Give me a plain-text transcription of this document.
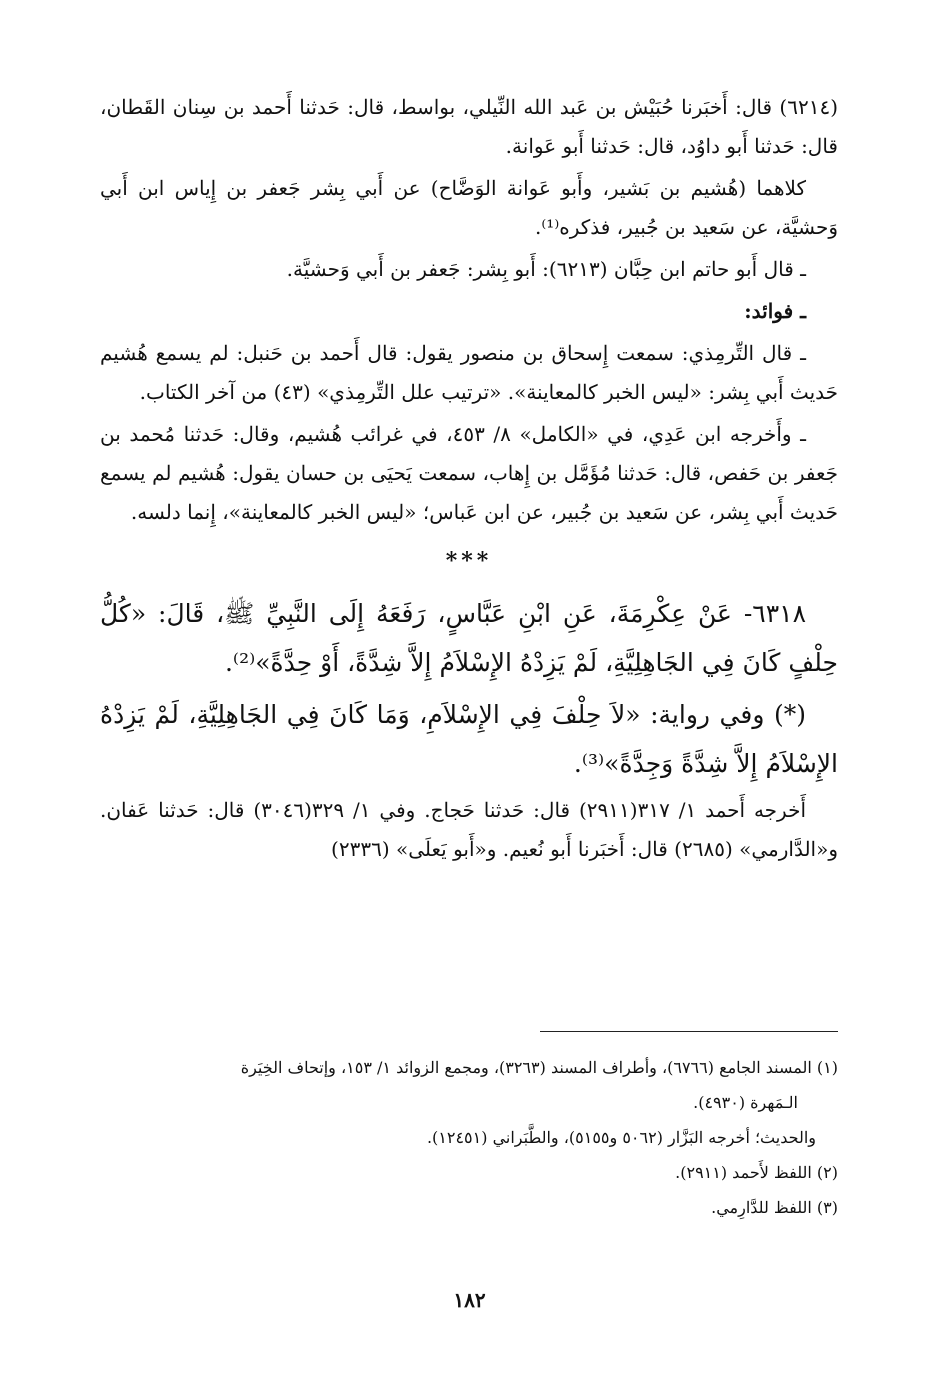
(٦٢١٤) قال: أَخبَرنا حُبَيْش بن عَبد الله النِّيلي، بواسط، قال: حَدثنا أَحمد بن سِنان القَطان، قال: حَدثنا أَبو داوُد، قال: حَدثنا أَبو عَوانة.

كلاهما (هُشيم بن بَشير، وأَبو عَوانة الوَضَّاح) عن أَبي بِشر جَعفر بن إِياس ابن أَبي وَحشيَّة، عن سَعيد بن جُبير، فذكره⁽¹⁾.

ـ قال أَبو حاتم ابن حِبَّان (٦٢١٣): أَبو بِشر: جَعفر بن أَبي وَحشيَّة.

ـ فوائد:

ـ قال التِّرمِذي: سمعت إِسحاق بن منصور يقول: قال أَحمد بن حَنبل: لم يسمع هُشيم حَديث أَبي بِشر: «ليس الخبر كالمعاينة». «ترتيب علل التِّرمِذي» (٤٣) من آخر الكتاب.

ـ وأَخرجه ابن عَدِي، في «الكامل» ٨/ ٤٥٣، في غرائب هُشيم، وقال: حَدثنا مُحمد بن جَعفر بن حَفص، قال: حَدثنا مُؤَمَّل بن إِهاب، سمعت يَحيَى بن حسان يقول: هُشيم لم يسمع حَديث أَبي بِشر، عن سَعيد بن جُبير، عن ابن عَباس؛ «ليس الخبر كالمعاينة»، إِنما دلسه.

***

٦٣١٨- عَنْ عِكْرِمَةَ، عَنِ ابْنِ عَبَّاسٍ، رَفَعَهُ إِلَى النَّبِيِّ ﷺ، قَالَ: «كُلُّ حِلْفٍ كَانَ فِي الجَاهِلِيَّةِ، لَمْ يَزِدْهُ الإِسْلاَمُ إِلاَّ شِدَّةً، أَوْ حِدَّةً»⁽²⁾.

(*) وفي رواية: «لاَ حِلْفَ فِي الإِسْلاَمِ، وَمَا كَانَ فِي الجَاهِلِيَّةِ، لَمْ يَزِدْهُ الإِسْلاَمُ إِلاَّ شِدَّةً وَجِدَّةً»⁽³⁾.

أَخرجه أَحمد ١/ ٣١٧(٢٩١١) قال: حَدثنا حَجاج. وفي ١/ ٣٢٩(٣٠٤٦) قال: حَدثنا عَفان. و«الدَّارمي» (٢٦٨٥) قال: أَخبَرنا أَبو نُعيم. و«أَبو يَعلَى» (٢٣٣٦)

(١) المسند الجامع (٦٧٦٦)، وأطراف المسند (٣٢٦٣)، ومجمع الزوائد ١/ ١٥٣، وإتحاف الخِيَرة

الـمَهرة (٤٩٣٠).

والحديث؛ أخرجه البَزَّار (٥٠٦٢ و٥١٥٥)، والطَّبَراني (١٢٤٥١).

(٢) اللفظ لأَحمد (٢٩١١).

(٣) اللفظ للدَّارِمي.

١٨٢
